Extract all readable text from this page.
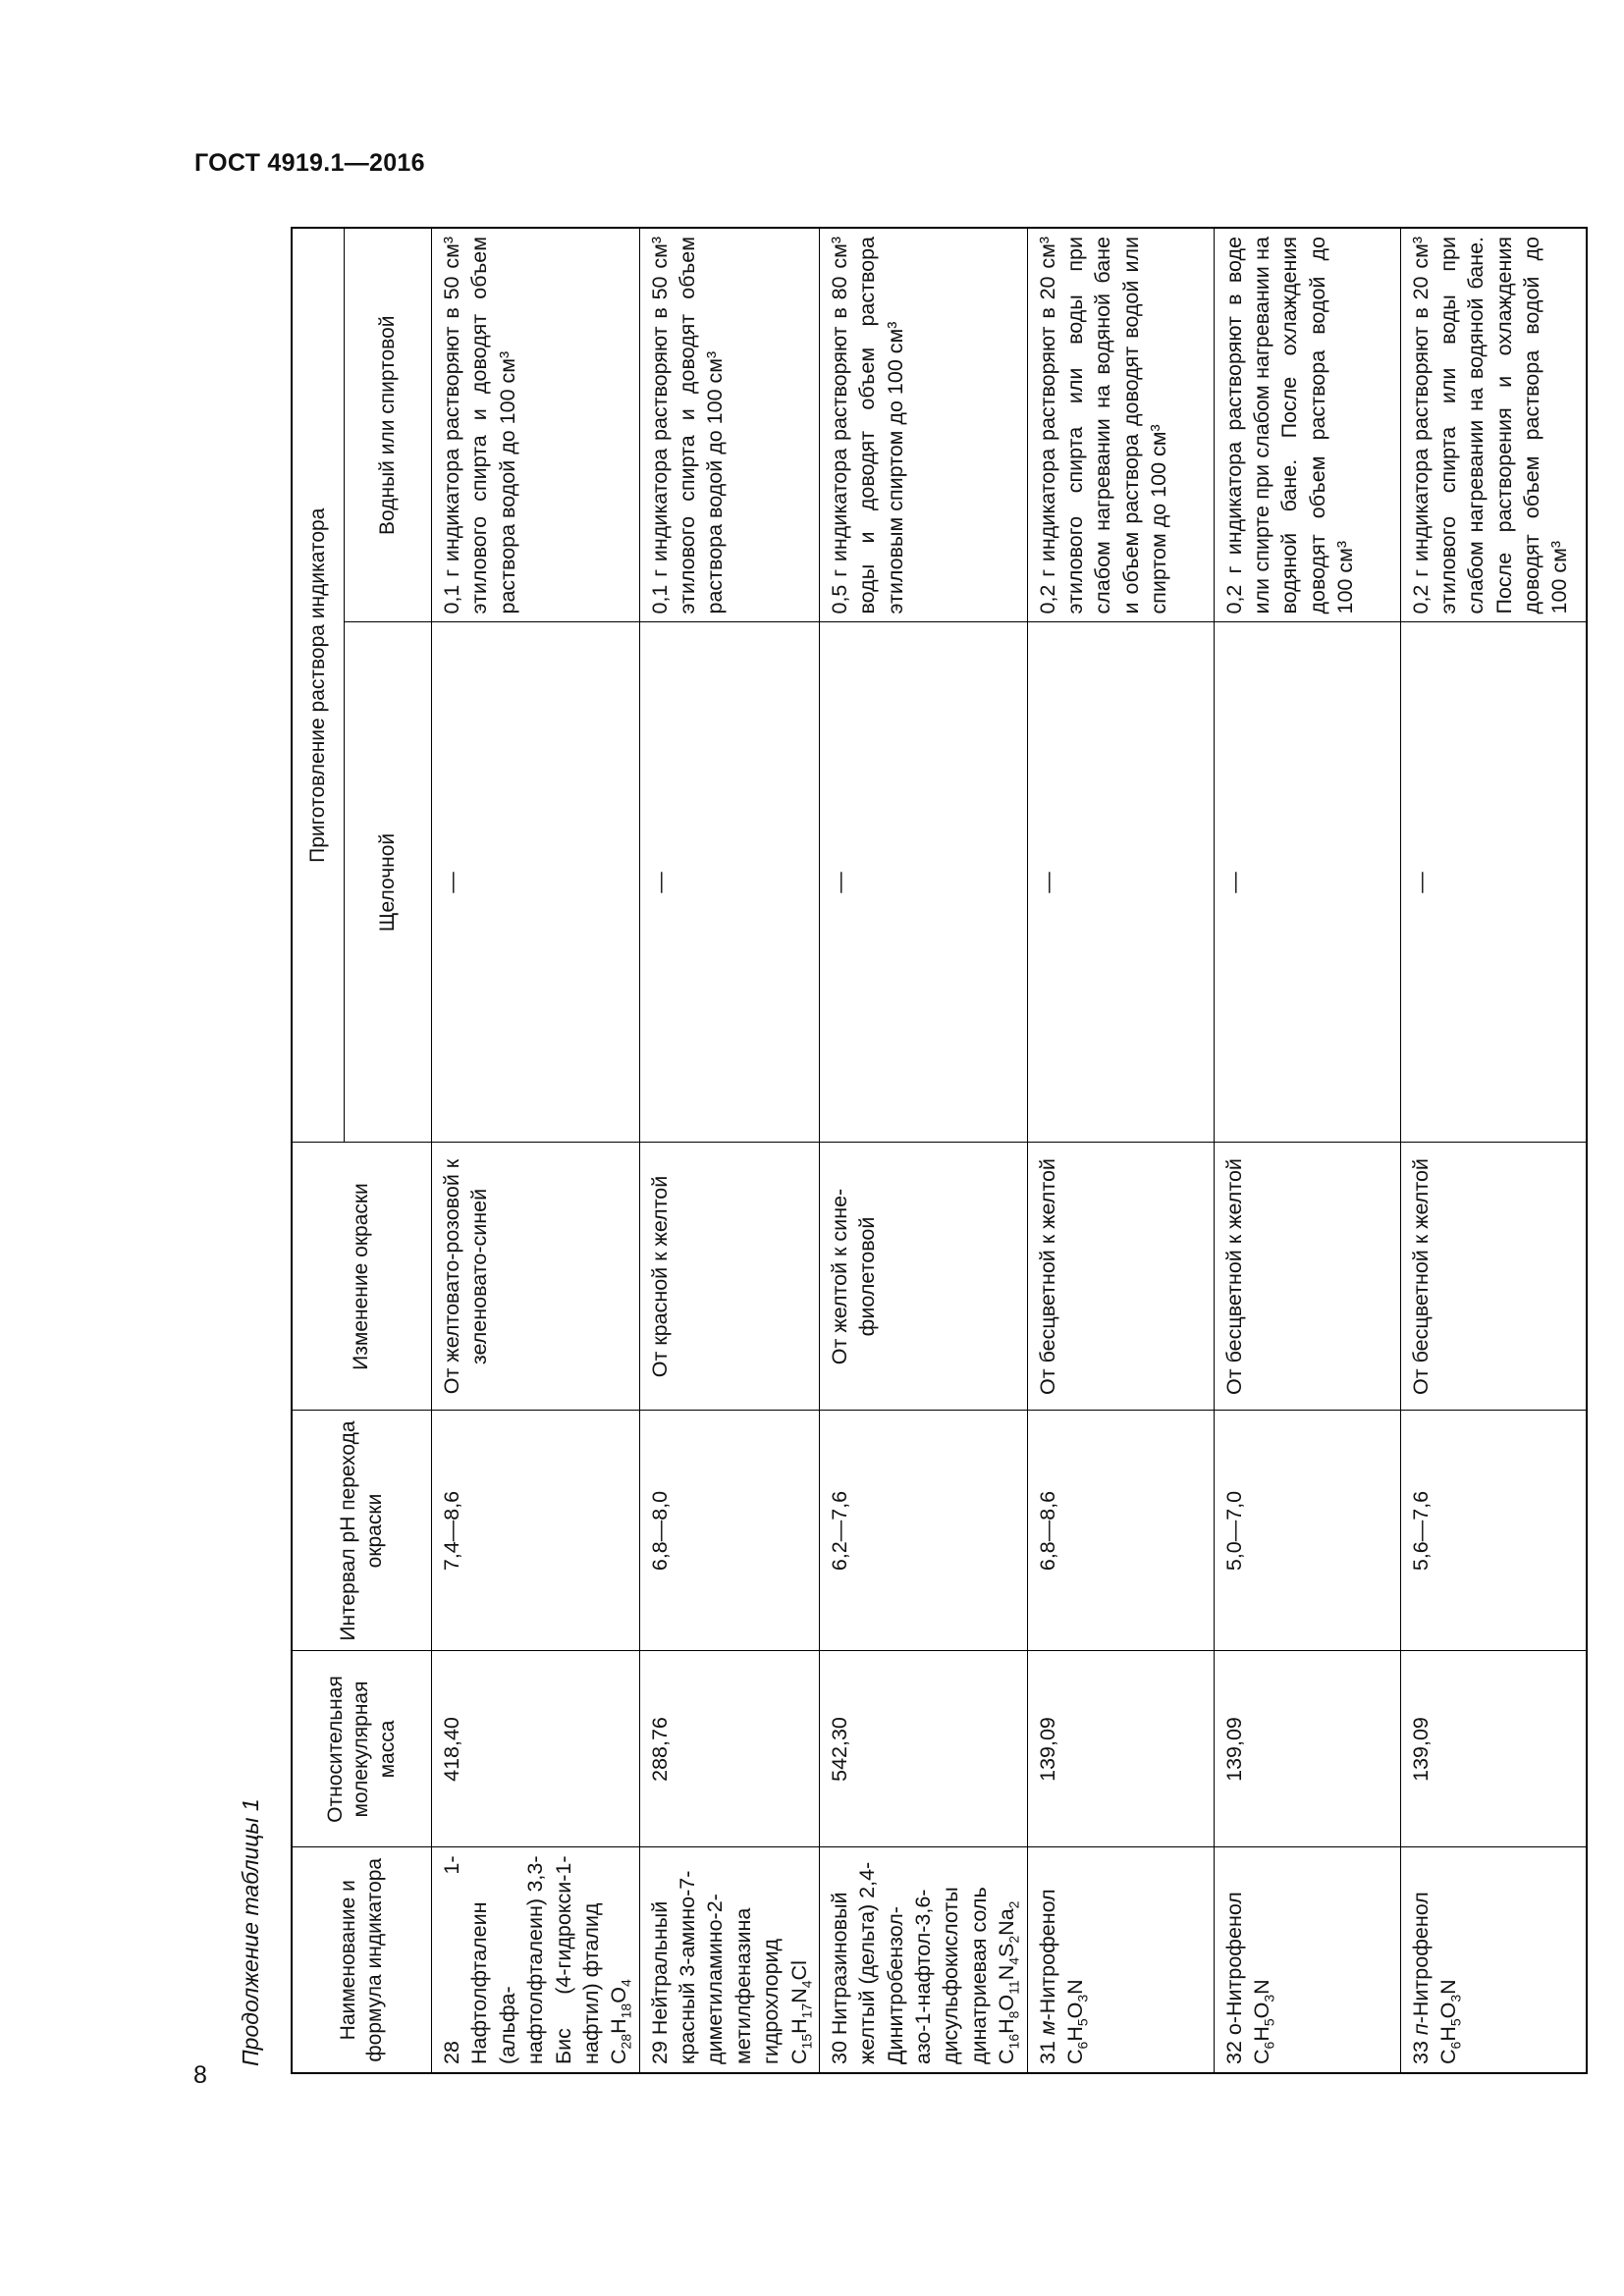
ГОСТ 4919.1—2016
8
Продолжение таблицы 1	Наименование и формула индикатора	Относительная молекулярная масса	Интервал pH перехода окраски	Изменение окраски	Приготовление раствора индикатора	
				Щелочной	Водный или спиртовой
28 1-Нафтолфталеин (альфа-нафтолфталеин) 3,3-Бис (4-гидрокси-1-нафтил) фталид $C_{28}H_{18}O_4$	418,40	7,4—8,6	От желтовато-розовой к зеленовато-синей	—	0,1 г индикатора растворяют в 50 см³ этилового спирта и доводят объем раствора водой до 100 см³
29 Нейтральный красный 3-амино-7-диметиламино-2-метилфеназина гидрохлорид $C_{15}H_{17}N_4Cl$	288,76	6,8—8,0	От красной к желтой	—	0,1 г индикатора растворяют в 50 см³ этилового спирта и доводят объем раствора водой до 100 см³
30 Нитразиновый желтый (дельта) 2,4-Динитробензол-азо-1-нафтол-3,6-дисульфокислоты динатриевая соль $C_{16}H_8O_{11}N_4S_2Na_2$	542,30	6,2—7,6	От желтой к сине-фиолетовой	—	0,5 г индикатора растворяют в 80 см³ воды и доводят объем раствора этиловым спиртом до 100 см³
31 м-Нитрофенол
$C_6H_5O_3N$	139,09	6,8—8,6	От бесцветной к желтой	—	0,2 г индикатора растворяют в 20 см³ этилового спирта или воды при слабом нагревании на водяной бане и объем раствора доводят водой или спиртом до 100 см³
32 о-Нитрофенол $C_6H_5O_3N$	139,09	5,0—7,0	От бесцветной к желтой	—	0,2 г индикатора растворяют в воде или спирте при слабом нагревании на водяной бане. После охлаждения доводят объем раствора водой до 100 см³
33 п-Нитрофенол
$C_6H_5O_3N$	139,09	5,6—7,6	От бесцветной к желтой	—	0,2 г индикатора растворяют в 20 см³ этилового спирта или воды при слабом нагревании на водяной бане. После растворения и охлаждения доводят объем раствора водой до 100 см³
